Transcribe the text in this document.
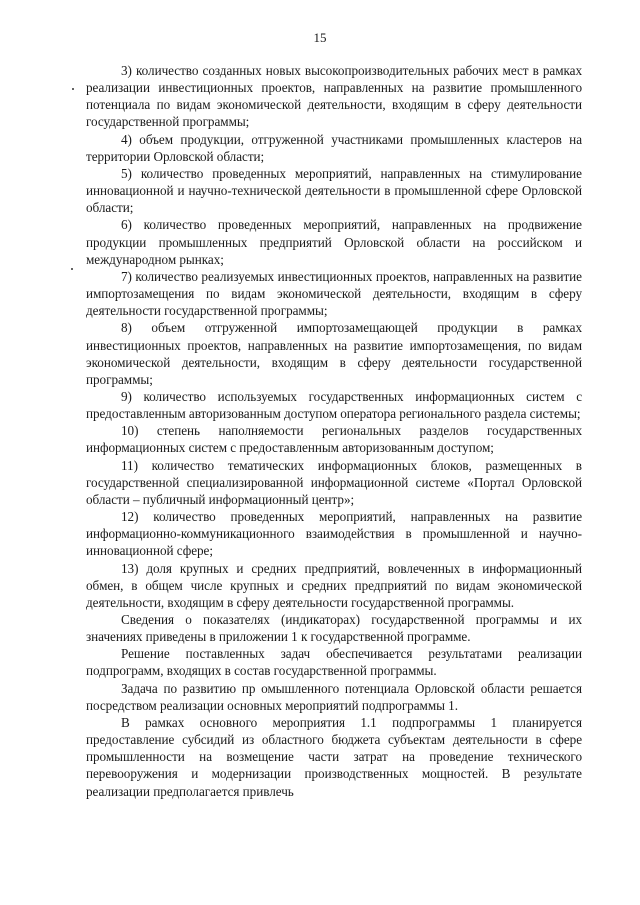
15

3) количество созданных новых высокопроизводительных рабочих мест в рамках реализации инвестиционных проектов, направленных на развитие промышленного потенциала по видам экономической деятельности, входящим в сферу деятельности государственной программы;

4) объем продукции, отгруженной участниками промышленных кластеров на территории Орловской области;

5) количество проведенных мероприятий, направленных на стимулирование инновационной и научно-технической деятельности в промышленной сфере Орловской области;

6) количество проведенных мероприятий, направленных на продвижение продукции промышленных предприятий Орловской области на российском и международном рынках;

7) количество реализуемых инвестиционных проектов, направленных на развитие импортозамещения по видам экономической деятельности, входящим в сферу деятельности государственной программы;

8) объем отгруженной импортозамещающей продукции в рамках инвестиционных проектов, направленных на развитие импортозамещения, по видам экономической деятельности, входящим в сферу деятельности государственной программы;

9) количество используемых государственных информационных систем с предоставленным авторизованным доступом оператора регионального раздела системы;

10) степень наполняемости региональных разделов государственных информационных систем с предоставленным авторизованным доступом;

11) количество тематических информационных блоков, размещенных в государственной специализированной информационной системе «Портал Орловской области – публичный информационный центр»;

12) количество проведенных мероприятий, направленных на развитие информационно-коммуникационного взаимодействия в промышленной и научно-инновационной сфере;

13) доля крупных и средних предприятий, вовлеченных в информационный обмен, в общем числе крупных и средних предприятий по видам экономической деятельности, входящим в сферу деятельности государственной программы.

Сведения о показателях (индикаторах) государственной программы и их значениях приведены в приложении 1 к государственной программе.

Решение поставленных задач обеспечивается результатами реализации подпрограмм, входящих в состав государственной программы.

Задача по развитию пр омышленного потенциала Орловской области решается посредством реализации основных мероприятий подпрограммы 1.

В рамках основного мероприятия 1.1 подпрограммы 1 планируется предоставление субсидий из областного бюджета субъектам деятельности в сфере промышленности на возмещение части затрат на проведение технического перевооружения и модернизации производственных мощностей. В результате реализации предполагается привлечь
